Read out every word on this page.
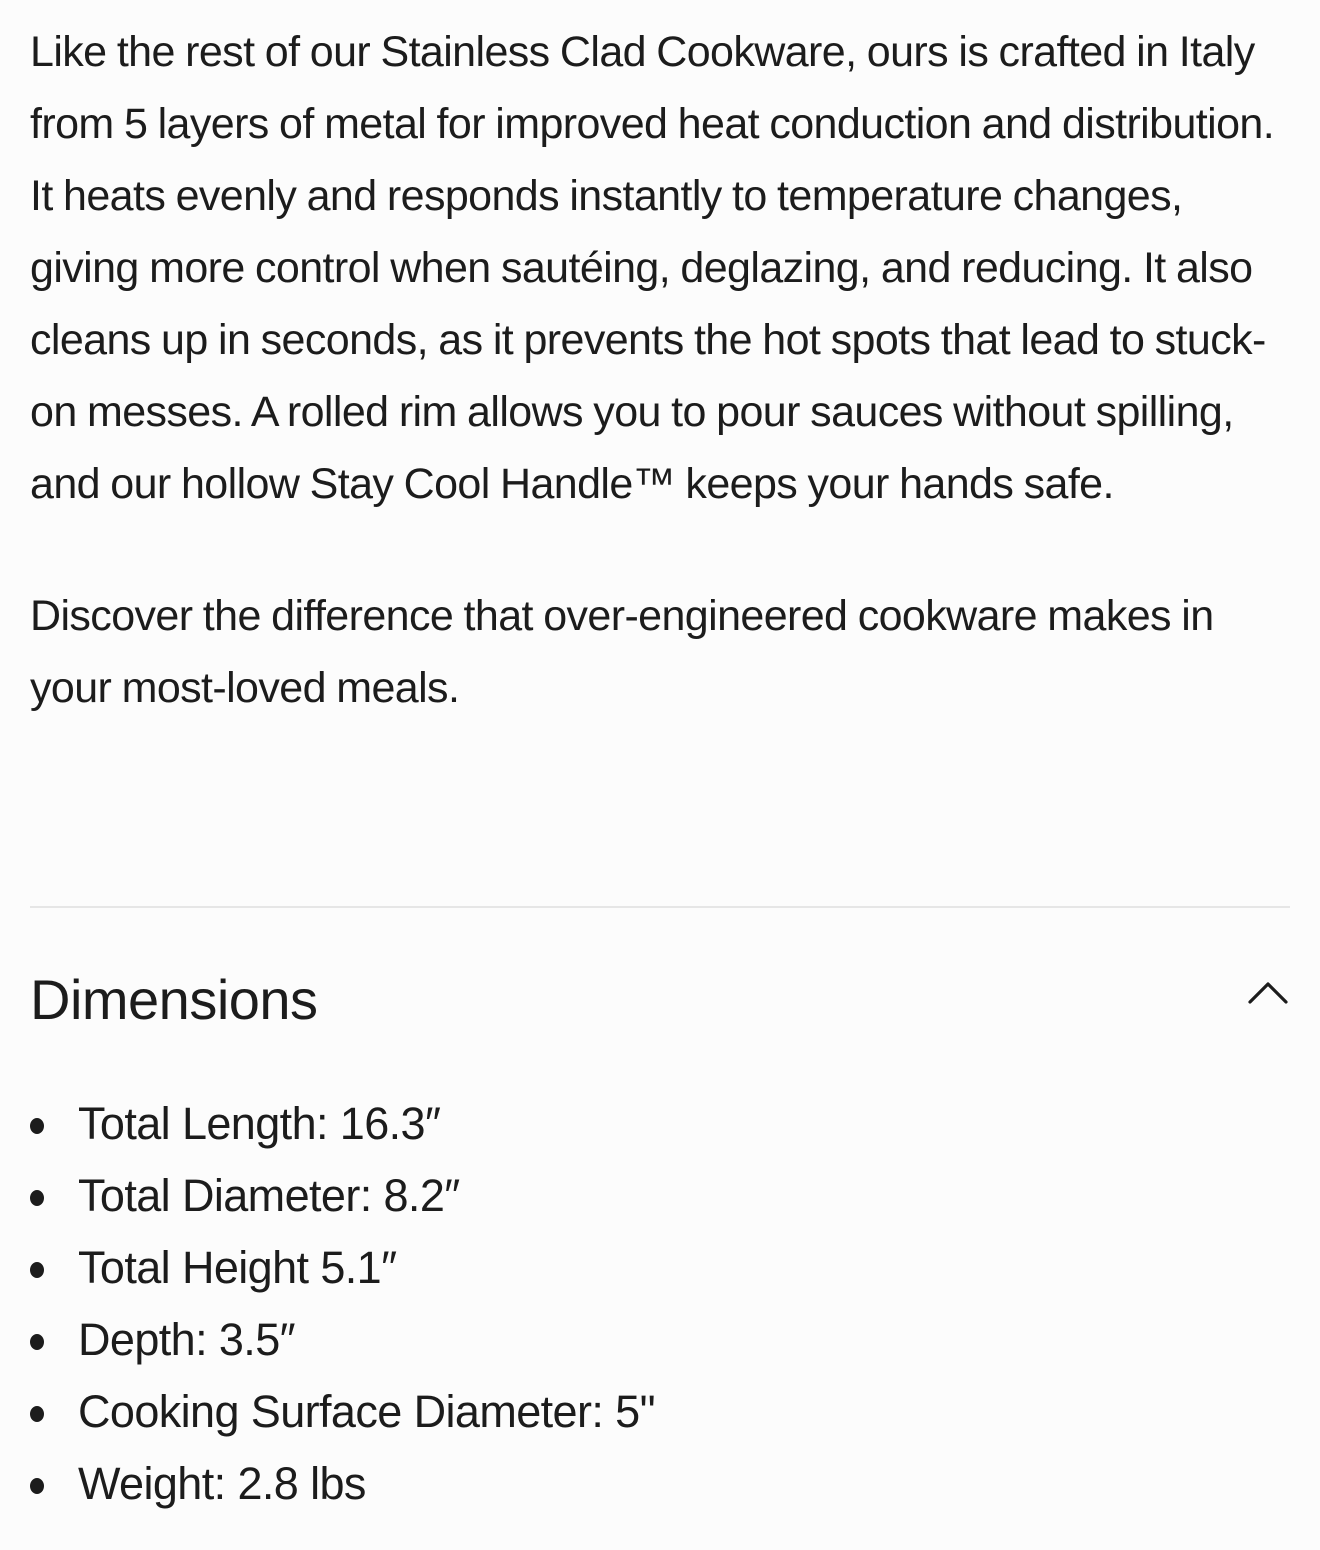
Like the rest of our Stainless Clad Cookware, ours is crafted in Italy from 5 layers of metal for improved heat conduction and distribution. It heats evenly and responds instantly to temperature changes, giving more control when sautéing, deglazing, and reducing. It also cleans up in seconds, as it prevents the hot spots that lead to stuck-on messes. A rolled rim allows you to pour sauces without spilling, and our hollow Stay Cool Handle™ keeps your hands safe.

Discover the difference that over-engineered cookware makes in your most-loved meals.

Dimensions
Total Length: 16.3″
Total Diameter: 8.2″
Total Height 5.1″
Depth: 3.5″
Cooking Surface Diameter: 5"
Weight: 2.8 lbs
